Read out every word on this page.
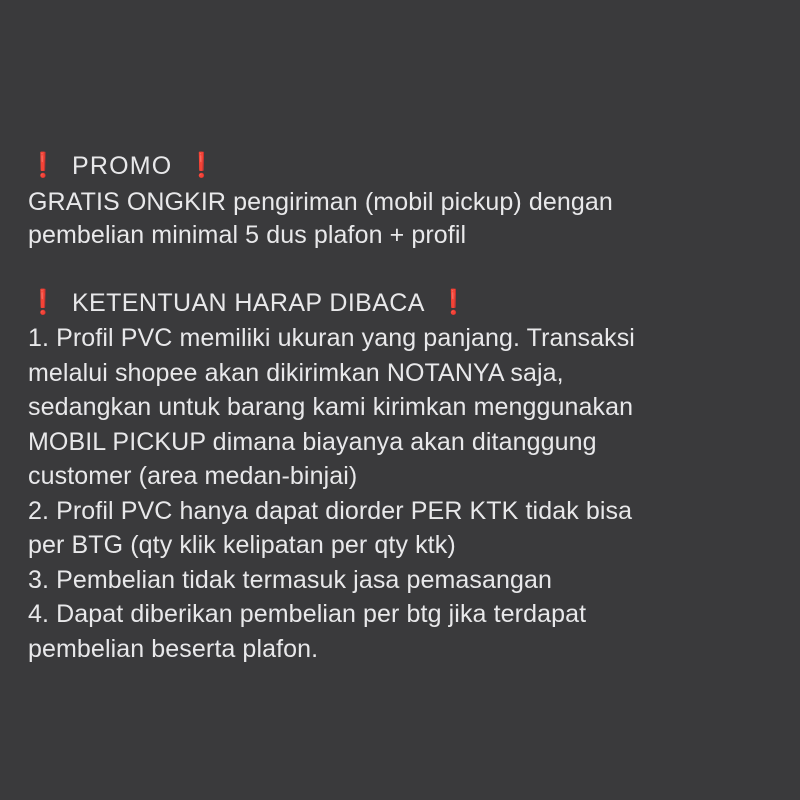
❗ PROMO ❗
GRATIS ONGKIR pengiriman (mobil pickup) dengan
pembelian minimal 5 dus plafon + profil
❗ KETENTUAN HARAP DIBACA ❗
1. Profil PVC memiliki ukuran yang panjang. Transaksi
melalui shopee akan dikirimkan NOTANYA saja,
sedangkan untuk barang kami kirimkan menggunakan
MOBIL PICKUP dimana biayanya akan ditanggung
customer (area medan-binjai)
2. Profil PVC hanya dapat diorder PER KTK tidak bisa
per BTG (qty klik kelipatan per qty ktk)
3. Pembelian tidak termasuk jasa pemasangan
4. Dapat diberikan pembelian per btg jika terdapat
pembelian beserta plafon.
